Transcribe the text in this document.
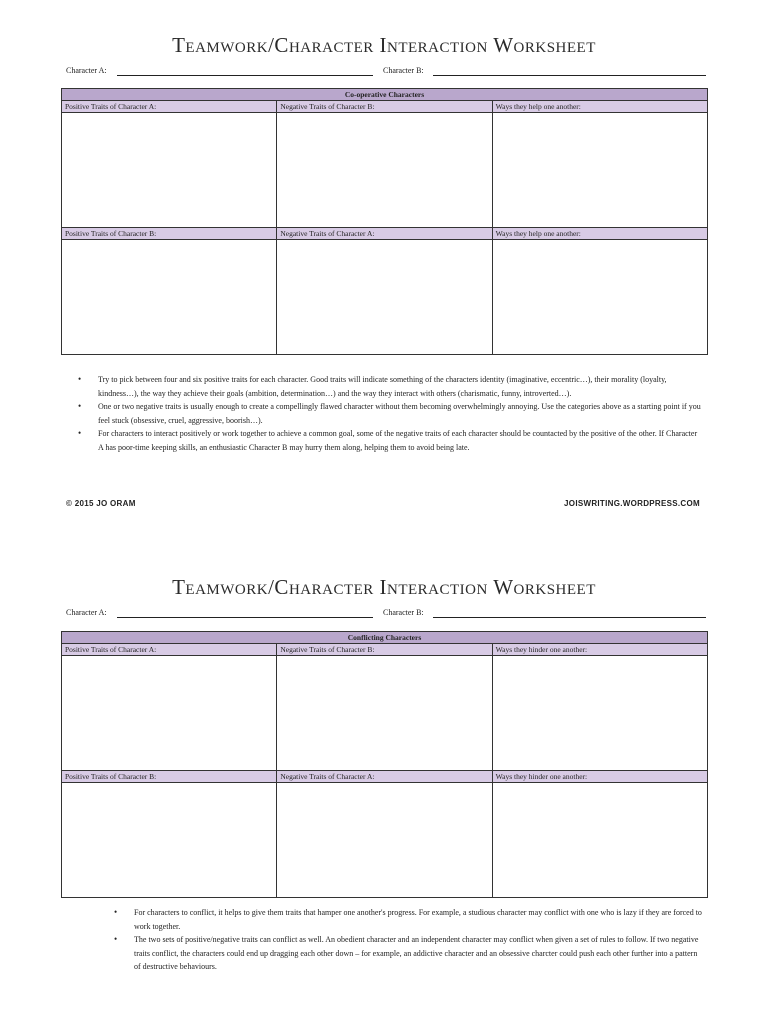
Teamwork/Character Interaction Worksheet
Character A:	Character B:
Co-operative Characters		
Positive Traits of Character A:	Negative Traits of Character B:	Ways they help one another:

Positive Traits of Character B:	Negative Traits of Character A:	Ways they help one another:

• Try to pick between four and six positive traits for each character. Good traits will indicate something of the characters identity (imaginative, eccentric…), their morality (loyalty, kindness…), the way they achieve their goals (ambition, determination…) and the way they interact with others (charismatic, funny, introverted…).
• One or two negative traits is usually enough to create a compellingly flawed character without them becoming overwhelmingly annoying. Use the categories above as a starting point if you feel stuck (obsessive, cruel, aggressive, boorish…).
• For characters to interact positively or work together to achieve a common goal, some of the negative traits of each character should be countacted by the positive of the other. If Character A has poor-time keeping skills, an enthusiastic Character B may hurry them along, helping them to avoid being late.
© 2015 JO ORAM	JOISWRITING.WORDPRESS.COM
Teamwork/Character Interaction Worksheet
Character A:	Character B:
Conflicting Characters		
Positive Traits of Character A:	Negative Traits of Character B:	Ways they hinder one another:

Positive Traits of Character B:	Negative Traits of Character A:	Ways they hinder one another:

• For characters to conflict, it helps to give them traits that hamper one another's progress. For example, a studious character may conflict with one who is lazy if they are forced to work together.
• The two sets of positive/negative traits can conflict as well. An obedient character and an independent character may conflict when given a set of rules to follow. If two negative traits conflict, the characters could end up dragging each other down – for example, an addictive character and an obsessive charcter could push each other further into a pattern of destructive behaviours.
